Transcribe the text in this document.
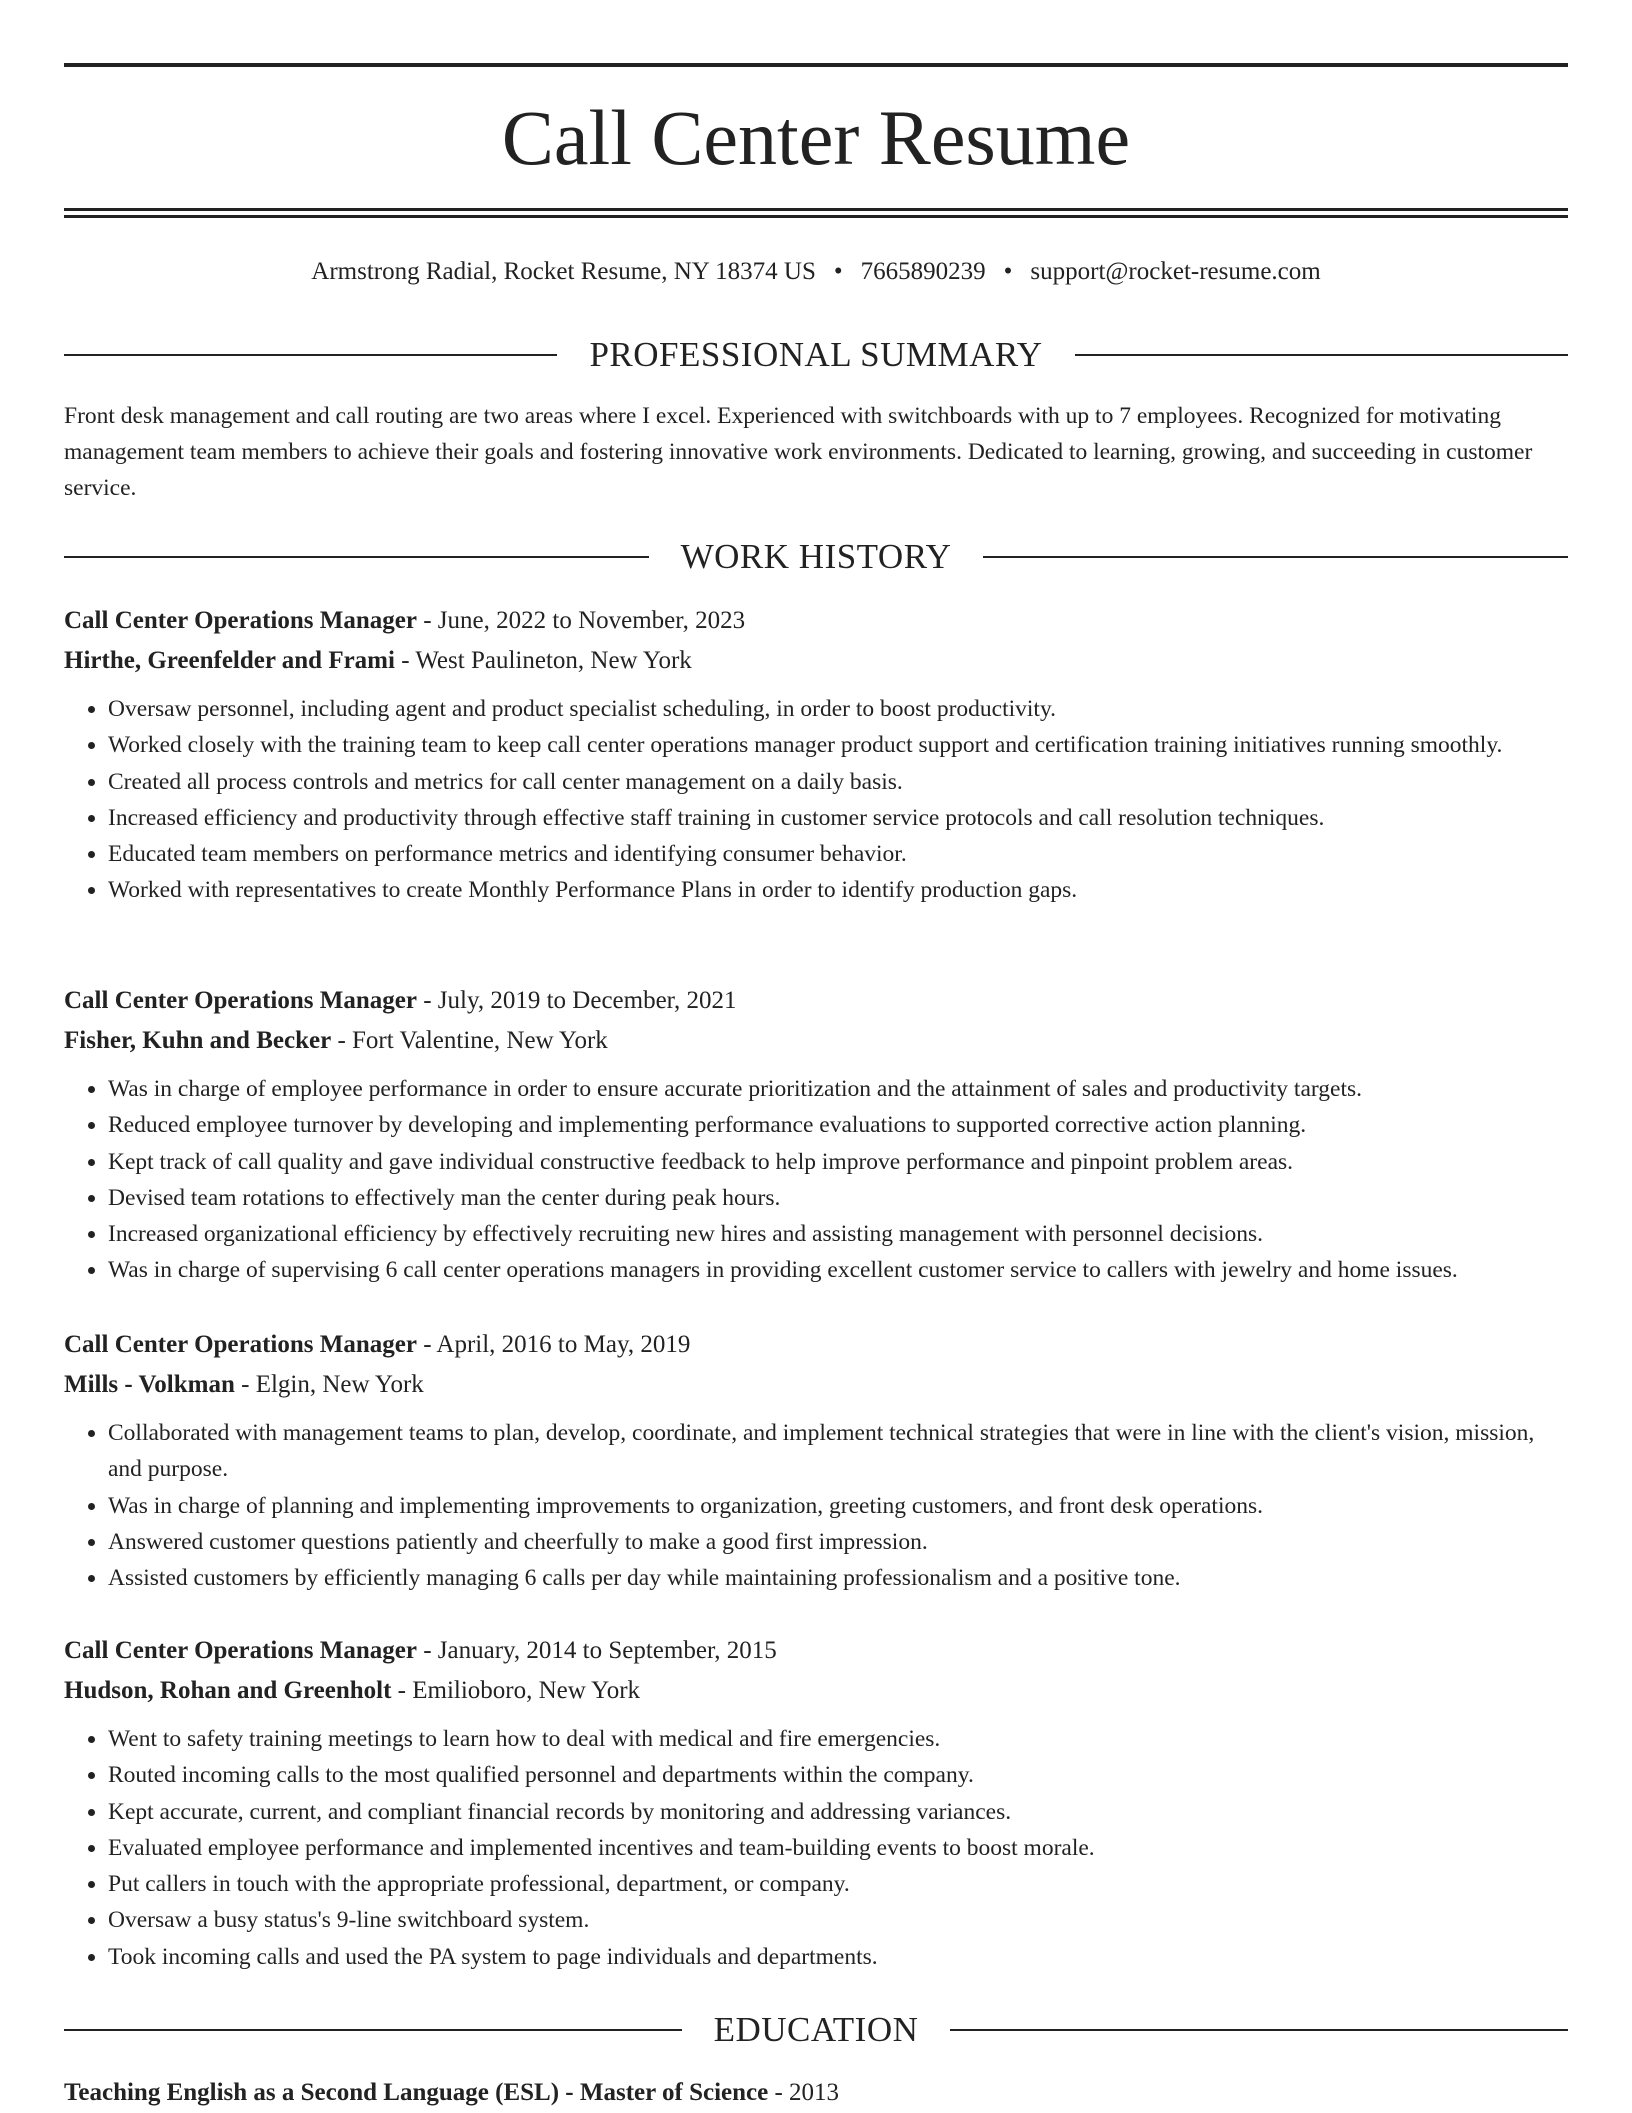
Call Center Resume
Armstrong Radial, Rocket Resume, NY 18374 US • 7665890239 • support@rocket-resume.com
PROFESSIONAL SUMMARY
Front desk management and call routing are two areas where I excel. Experienced with switchboards with up to 7 employees. Recognized for motivating management team members to achieve their goals and fostering innovative work environments. Dedicated to learning, growing, and succeeding in customer service.
WORK HISTORY
Call Center Operations Manager - June, 2022 to November, 2023
Hirthe, Greenfelder and Frami - West Paulineton, New York
• Oversaw personnel, including agent and product specialist scheduling, in order to boost productivity.
• Worked closely with the training team to keep call center operations manager product support and certification training initiatives running smoothly.
• Created all process controls and metrics for call center management on a daily basis.
• Increased efficiency and productivity through effective staff training in customer service protocols and call resolution techniques.
• Educated team members on performance metrics and identifying consumer behavior.
• Worked with representatives to create Monthly Performance Plans in order to identify production gaps.
Call Center Operations Manager - July, 2019 to December, 2021
Fisher, Kuhn and Becker - Fort Valentine, New York
• Was in charge of employee performance in order to ensure accurate prioritization and the attainment of sales and productivity targets.
• Reduced employee turnover by developing and implementing performance evaluations to supported corrective action planning.
• Kept track of call quality and gave individual constructive feedback to help improve performance and pinpoint problem areas.
• Devised team rotations to effectively man the center during peak hours.
• Increased organizational efficiency by effectively recruiting new hires and assisting management with personnel decisions.
• Was in charge of supervising 6 call center operations managers in providing excellent customer service to callers with jewelry and home issues.
Call Center Operations Manager - April, 2016 to May, 2019
Mills - Volkman - Elgin, New York
• Collaborated with management teams to plan, develop, coordinate, and implement technical strategies that were in line with the client's vision, mission, and purpose.
• Was in charge of planning and implementing improvements to organization, greeting customers, and front desk operations.
• Answered customer questions patiently and cheerfully to make a good first impression.
• Assisted customers by efficiently managing 6 calls per day while maintaining professionalism and a positive tone.
Call Center Operations Manager - January, 2014 to September, 2015
Hudson, Rohan and Greenholt - Emilioboro, New York
• Went to safety training meetings to learn how to deal with medical and fire emergencies.
• Routed incoming calls to the most qualified personnel and departments within the company.
• Kept accurate, current, and compliant financial records by monitoring and addressing variances.
• Evaluated employee performance and implemented incentives and team-building events to boost morale.
• Put callers in touch with the appropriate professional, department, or company.
• Oversaw a busy status's 9-line switchboard system.
• Took incoming calls and used the PA system to page individuals and departments.
EDUCATION
Teaching English as a Second Language (ESL) - Master of Science - 2013
